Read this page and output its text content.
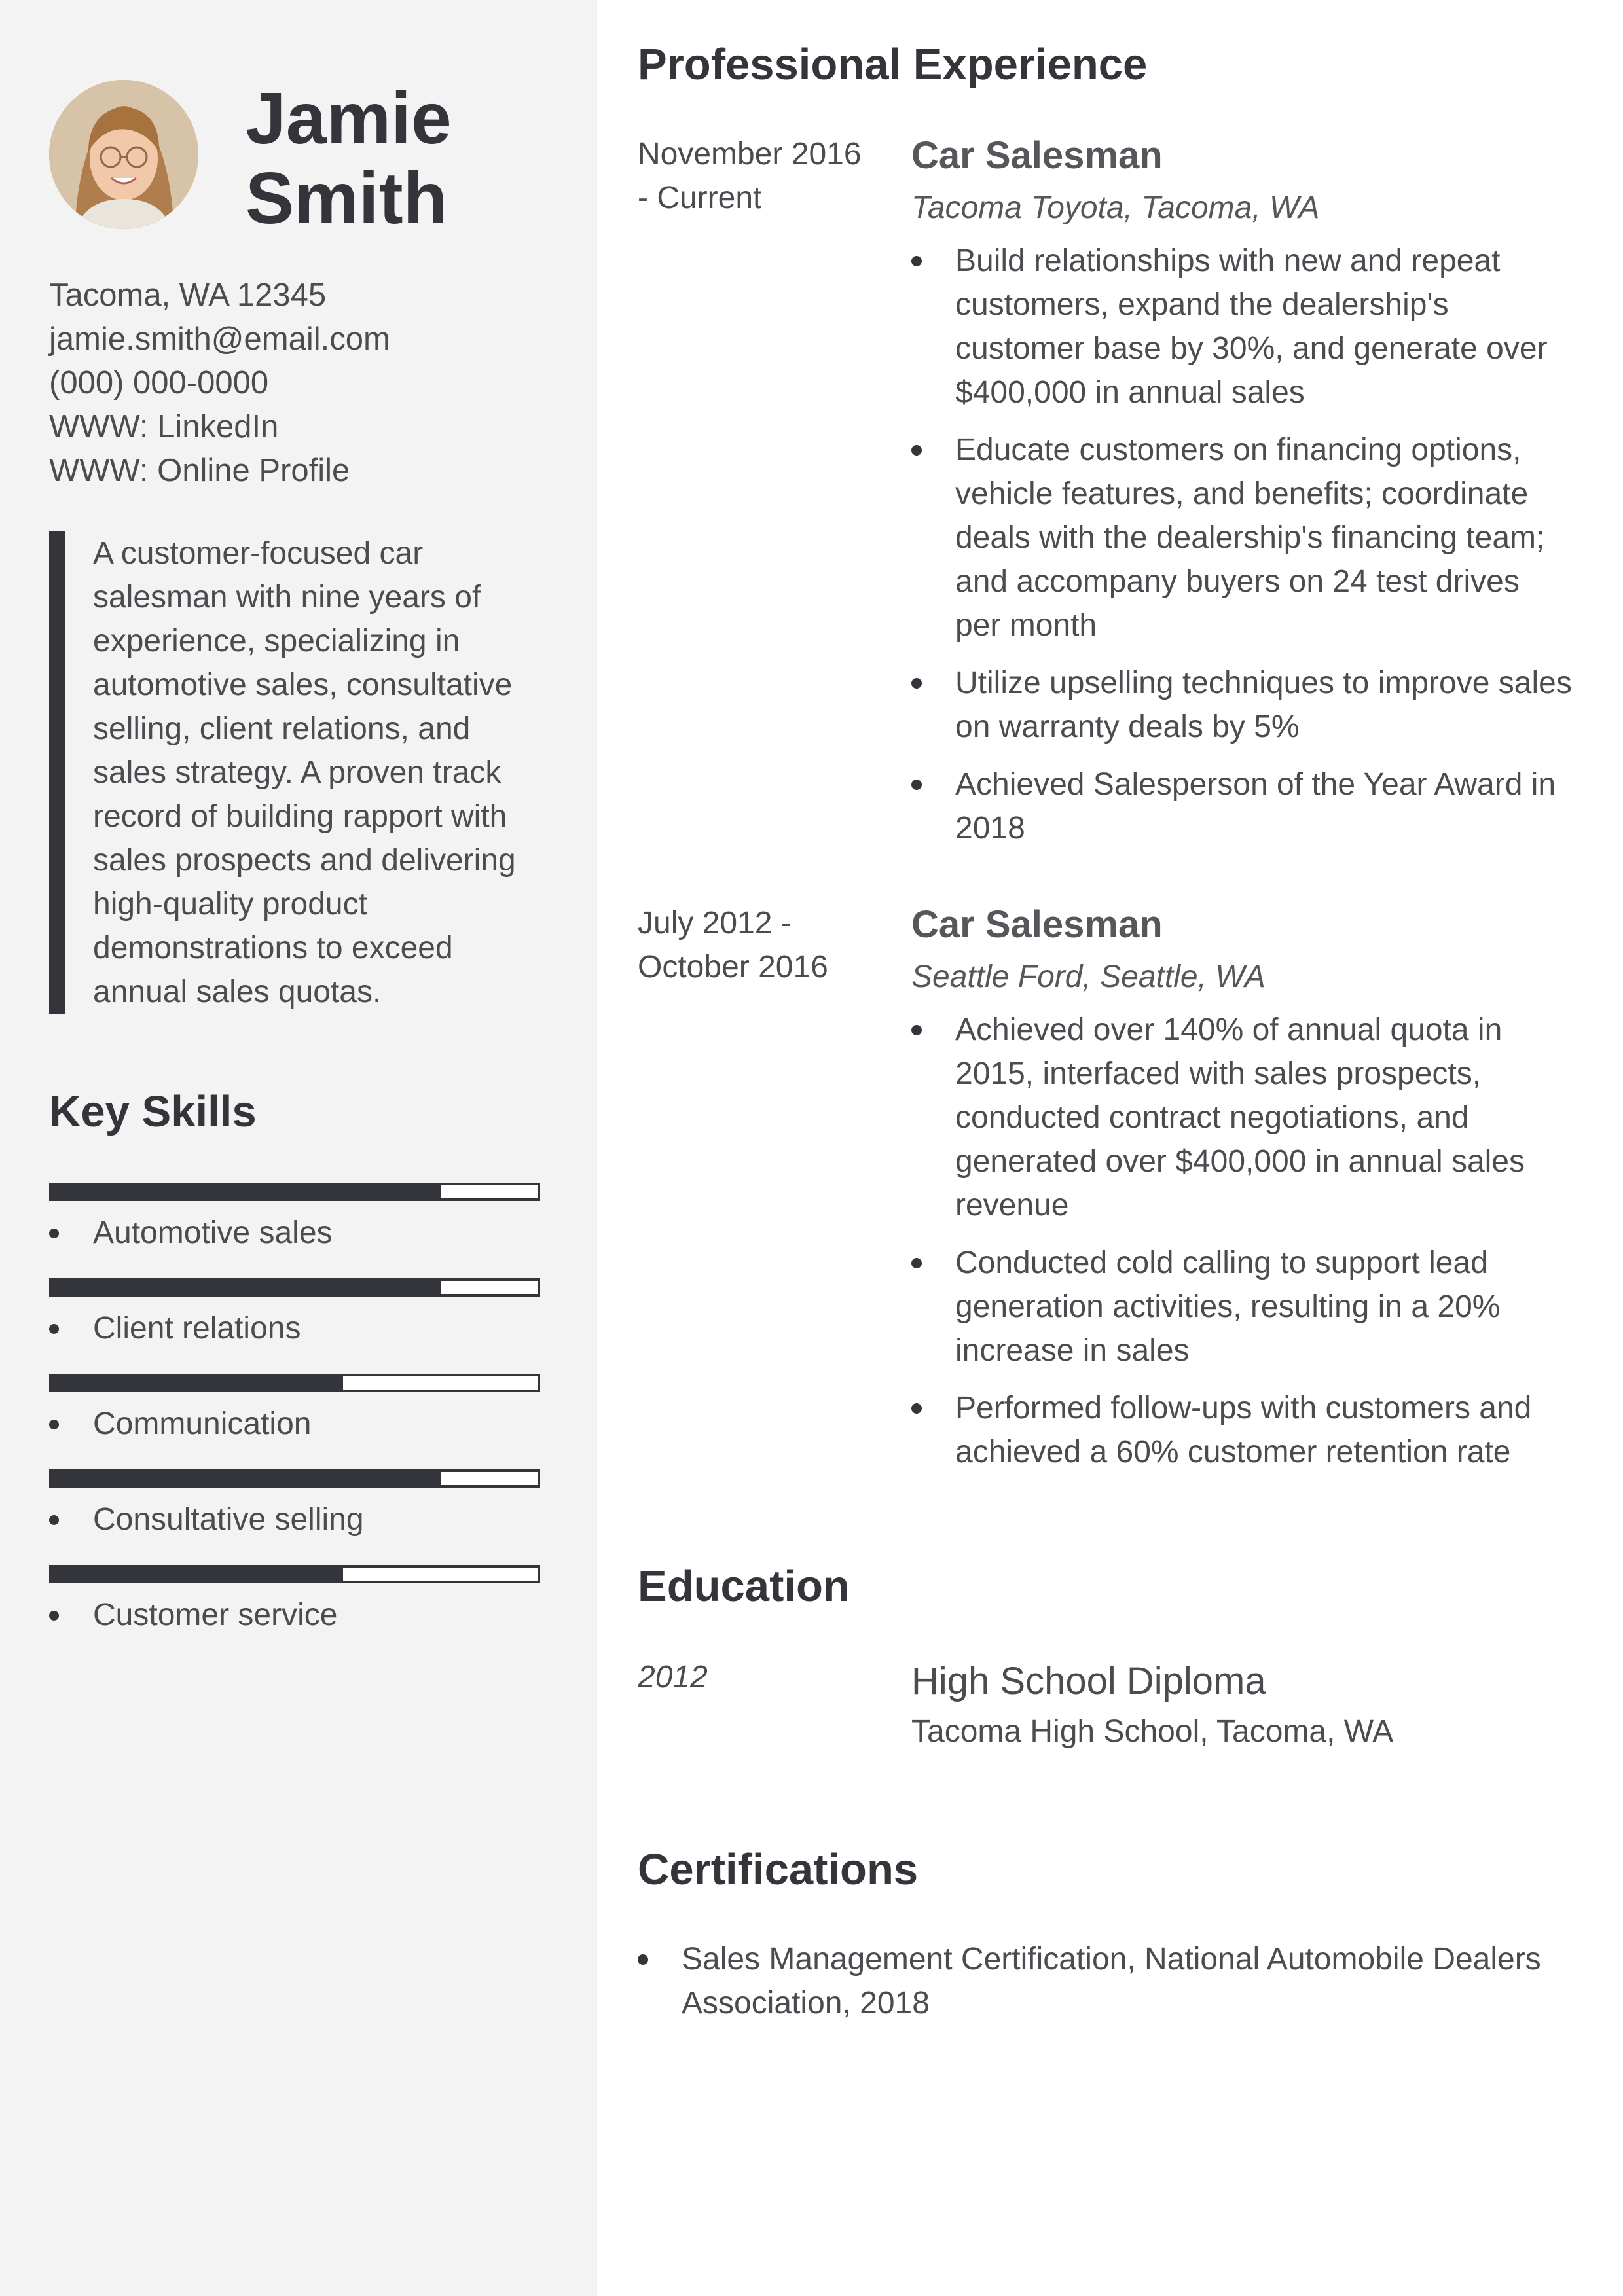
Jamie
Smith
Tacoma, WA 12345
jamie.smith@email.com
(000) 000-0000
WWW: LinkedIn
WWW: Online Profile
A customer-focused car salesman with nine years of experience, specializing in automotive sales, consultative selling, client relations, and sales strategy. A proven track record of building rapport with sales prospects and delivering high-quality product demonstrations to exceed annual sales quotas.
Key Skills
Automotive sales
Client relations
Communication
Consultative selling
Customer service
Professional Experience
November 2016
- Current
Car Salesman
Tacoma Toyota, Tacoma, WA
Build relationships with new and repeat customers, expand the dealership's customer base by 30%, and generate over $400,000 in annual sales
Educate customers on financing options, vehicle features, and benefits; coordinate deals with the dealership's financing team; and accompany buyers on 24 test drives per month
Utilize upselling techniques to improve sales on warranty deals by 5%
Achieved Salesperson of the Year Award in 2018
July 2012 -
October 2016
Car Salesman
Seattle Ford, Seattle, WA
Achieved over 140% of annual quota in 2015, interfaced with sales prospects, conducted contract negotiations, and generated over $400,000 in annual sales revenue
Conducted cold calling to support lead generation activities, resulting in a 20% increase in sales
Performed follow-ups with customers and achieved a 60% customer retention rate
Education
2012	High School Diploma
Tacoma High School, Tacoma, WA
Certifications
Sales Management Certification, National Automobile Dealers Association, 2018
